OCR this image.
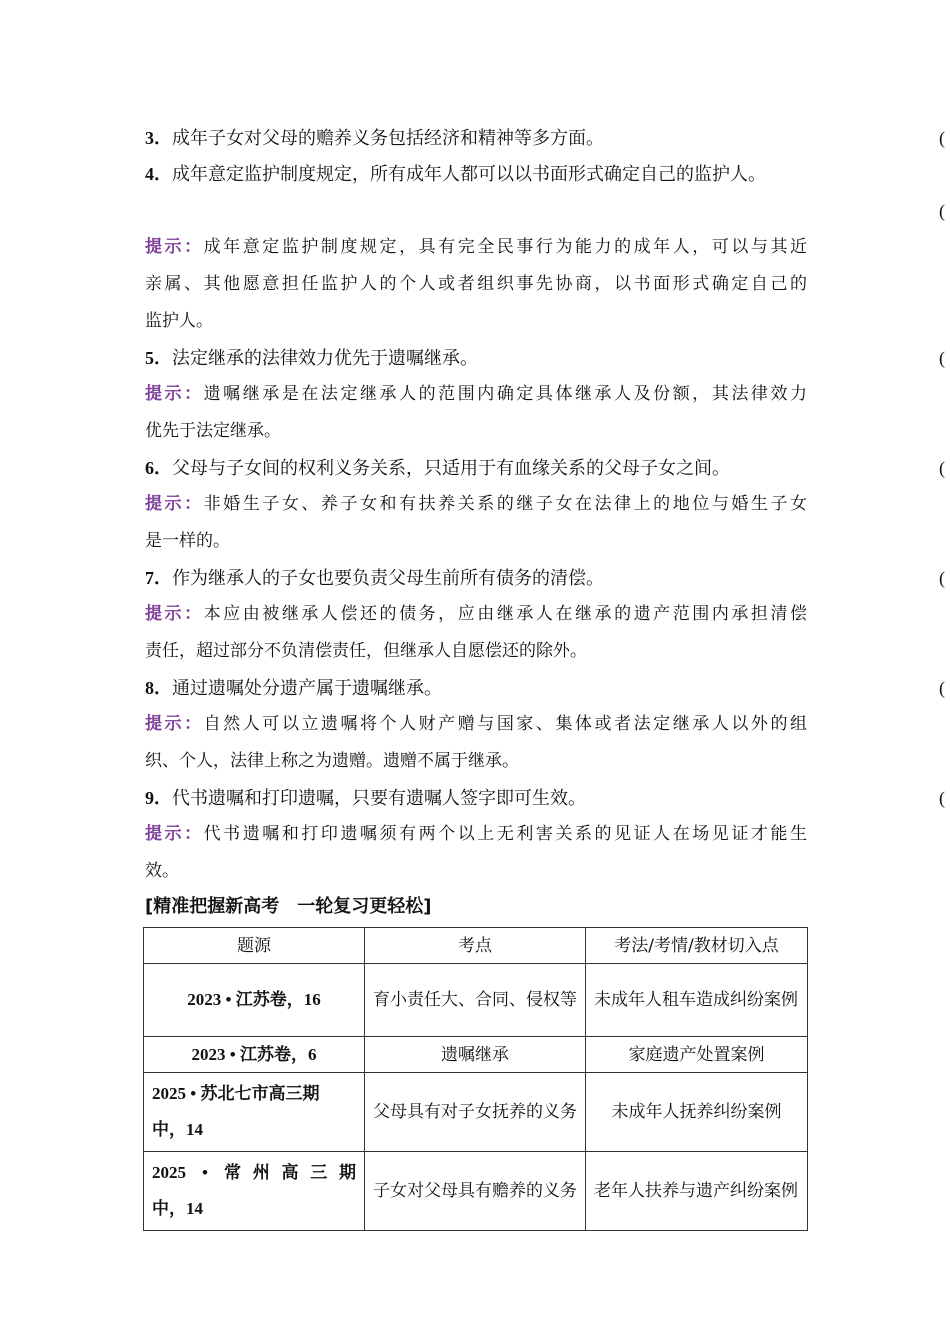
3．成年子女对父母的赡养义务包括经济和精神等多方面。	(
4．成年意定监护制度规定，所有成年人都可以以书面形式确定自己的监护人。
(
提示：成年意定监护制度规定，具有完全民事行为能力的成年人，可以与其近
亲属、其他愿意担任监护人的个人或者组织事先协商，以书面形式确定自己的
监护人。
5．法定继承的法律效力优先于遗嘱继承。	(
提示：遗嘱继承是在法定继承人的范围内确定具体继承人及份额，其法律效力
优先于法定继承。
6．父母与子女间的权利义务关系，只适用于有血缘关系的父母子女之间。	(
提示：非婚生子女、养子女和有扶养关系的继子女在法律上的地位与婚生子女
是一样的。
7．作为继承人的子女也要负责父母生前所有债务的清偿。	(
提示：本应由被继承人偿还的债务，应由继承人在继承的遗产范围内承担清偿
责任，超过部分不负清偿责任，但继承人自愿偿还的除外。
8．通过遗嘱处分遗产属于遗嘱继承。	(
提示：自然人可以立遗嘱将个人财产赠与国家、集体或者法定继承人以外的组
织、个人，法律上称之为遗赠。遗赠不属于继承。
9．代书遗嘱和打印遗嘱，只要有遗嘱人签字即可生效。	(
提示：代书遗嘱和打印遗嘱须有两个以上无利害关系的见证人在场见证才能生
效。
[精准把握新高考　一轮复习更轻松]
题源	考点	考法/考情/教材切入点
2023 • 江苏卷，16	育小责任大、合同、侵权等	未成年人租车造成纠纷案例
2023 • 江苏卷，6	遗嘱继承	家庭遗产处置案例

2025 • 苏北七市高三期
中，14	父母具有对子女抚养的义务	未成年人抚养纠纷案例

2025 • 常州高三期
中，14	子女对父母具有赡养的义务	老年人扶养与遗产纠纷案例
